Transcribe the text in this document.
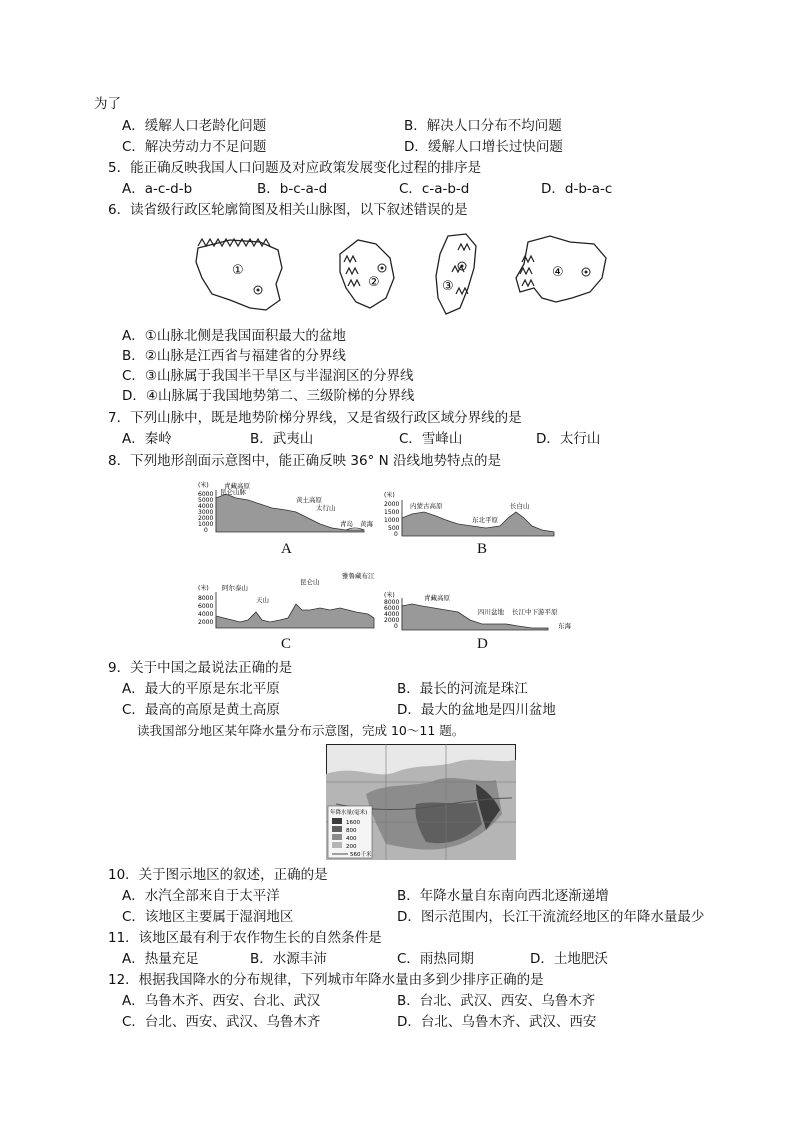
为了
A．缓解人口老龄化问题	B．解决人口分布不均问题
C．解决劳动力不足问题	D．缓解人口增长过快问题
5．能正确反映我国人口问题及对应政策发展变化过程的排序是
A．a-c-d-b	B．b-c-a-d	C．c-a-b-d	D．d-b-a-c
6．读省级行政区轮廓简图及相关山脉图，以下叙述错误的是
①
②	③
④
A．①山脉北侧是我国面积最大的盆地
B．②山脉是江西省与福建省的分界线
C．③山脉属于我国半干旱区与半湿润区的分界线
D．④山脉属于我国地势第二、三级阶梯的分界线
7．下列山脉中，既是地势阶梯分界线，又是省级行政区域分界线的是
A．秦岭	B．武夷山	C．雪峰山	D．太行山
8．下列地形剖面示意图中，能正确反映 36° N 沿线地势特点的是
(米)
6000
5000
4000
3000
2000
1000
0
青藏高原
昆仑山脉
黄土高原
太行山
青岛 黄海
A
(米)
2000
1500
1000
500
0
内蒙古高原	长白山
东北平原
B
(米)
8000
6000
4000
2000
阿尔泰山
天山
昆仑山
雅鲁藏布江
C
(米)
8000
6000
4000
2000
0
青藏高原
四川盆地 长江中下游平原
东海
D
9．关于中国之最说法正确的是
A．最大的平原是东北平原	B．最长的河流是珠江
C．最高的高原是黄土高原	D．最大的盆地是四川盆地
读我国部分地区某年降水量分布示意图，完成 10～11 题。
年降水量(毫米)
1600
800
400
200
560千米
10．关于图示地区的叙述，正确的是
A．水汽全部来自于太平洋	B．年降水量自东南向西北逐渐递增
C．该地区主要属于湿润地区	D．图示范围内，长江干流流经地区的年降水量最少
11．该地区最有利于农作物生长的自然条件是
A．热量充足	B．水源丰沛	C．雨热同期	D．土地肥沃
12．根据我国降水的分布规律，下列城市年降水量由多到少排序正确的是
A．乌鲁木齐、西安、台北、武汉	B．台北、武汉、西安、乌鲁木齐
C．台北、西安、武汉、乌鲁木齐	D．台北、乌鲁木齐、武汉、西安
